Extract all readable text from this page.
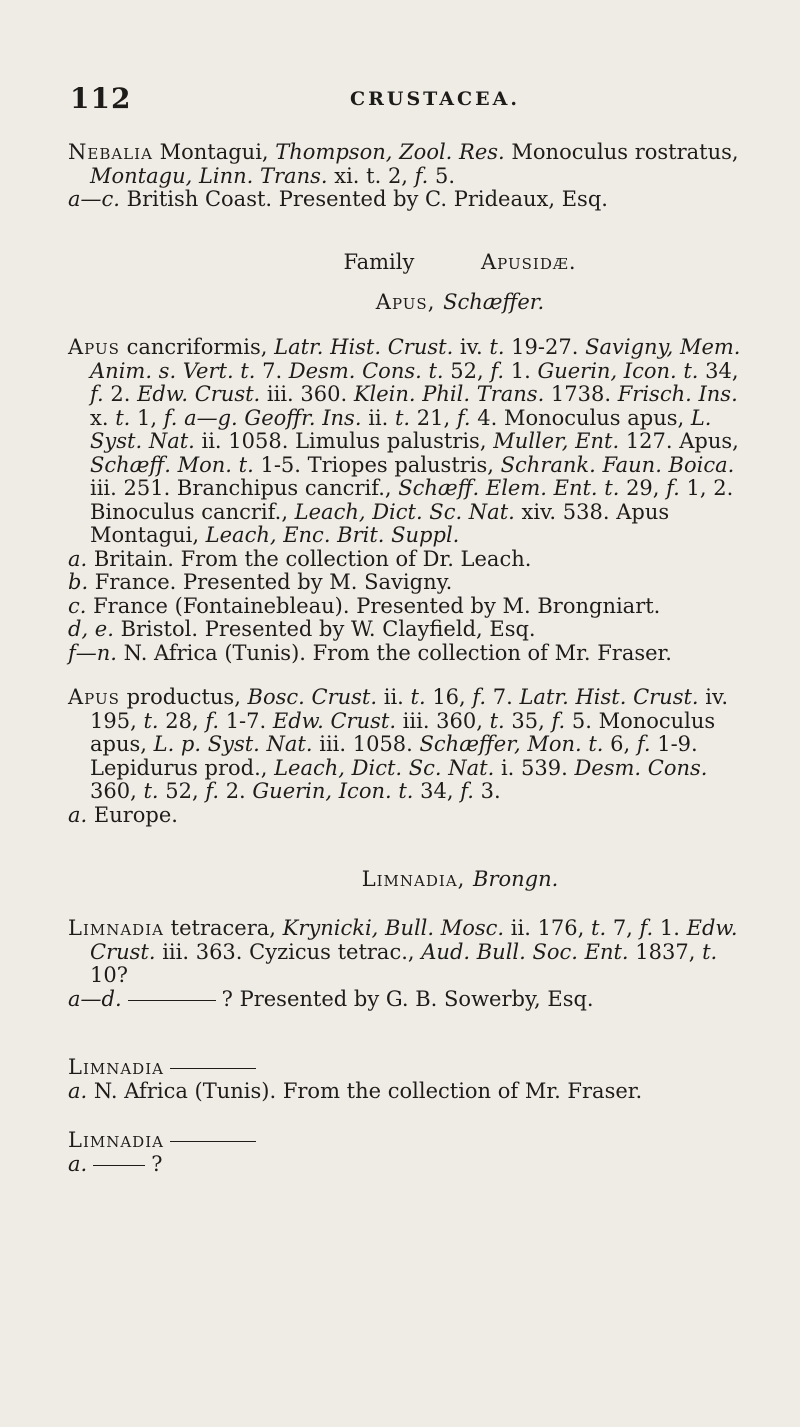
112	CRUSTACEA.

Nebalia Montagui, Thompson, Zool. Res. Monoculus rostratus, Montagu, Linn. Trans. xi. t. 2, f. 5.

a—c. British Coast. Presented by C. Prideaux, Esq.

Family	Apusidæ.
Apus, Schæffer.

Apus cancriformis, Latr. Hist. Crust. iv. t. 19-27. Savigny, Mem. Anim. s. Vert. t. 7. Desm. Cons. t. 52, f. 1. Guerin, Icon. t. 34, f. 2. Edw. Crust. iii. 360. Klein. Phil. Trans. 1738. Frisch. Ins. x. t. 1, f. a—g. Geoffr. Ins. ii. t. 21, f. 4. Monoculus apus, L. Syst. Nat. ii. 1058. Limulus palustris, Muller, Ent. 127. Apus, Schæff. Mon. t. 1-5. Triopes palustris, Schrank. Faun. Boica. iii. 251. Branchipus cancrif., Schæff. Elem. Ent. t. 29, f. 1, 2. Binoculus cancrif., Leach, Dict. Sc. Nat. xiv. 538. Apus Montagui, Leach, Enc. Brit. Suppl.

a. Britain. From the collection of Dr. Leach.

b. France. Presented by M. Savigny.

c. France (Fontainebleau). Presented by M. Brongniart.

d, e. Bristol. Presented by W. Clayfield, Esq.

f—n. N. Africa (Tunis). From the collection of Mr. Fraser.

Apus productus, Bosc. Crust. ii. t. 16, f. 7. Latr. Hist. Crust. iv. 195, t. 28, f. 1-7. Edw. Crust. iii. 360, t. 35, f. 5. Monoculus apus, L. p. Syst. Nat. iii. 1058. Schæffer, Mon. t. 6, f. 1-9. Lepidurus prod., Leach, Dict. Sc. Nat. i. 539. Desm. Cons. 360, t. 52, f. 2. Guerin, Icon. t. 34, f. 3.

a. Europe.

Limnadia, Brongn.

Limnadia tetracera, Krynicki, Bull. Mosc. ii. 176, t. 7, f. 1. Edw. Crust. iii. 363. Cyzicus tetrac., Aud. Bull. Soc. Ent. 1837, t. 10?

a—d.	? Presented by G. B. Sowerby, Esq.

Limnadia

a. N. Africa (Tunis). From the collection of Mr. Fraser.

Limnadia

a.	?
